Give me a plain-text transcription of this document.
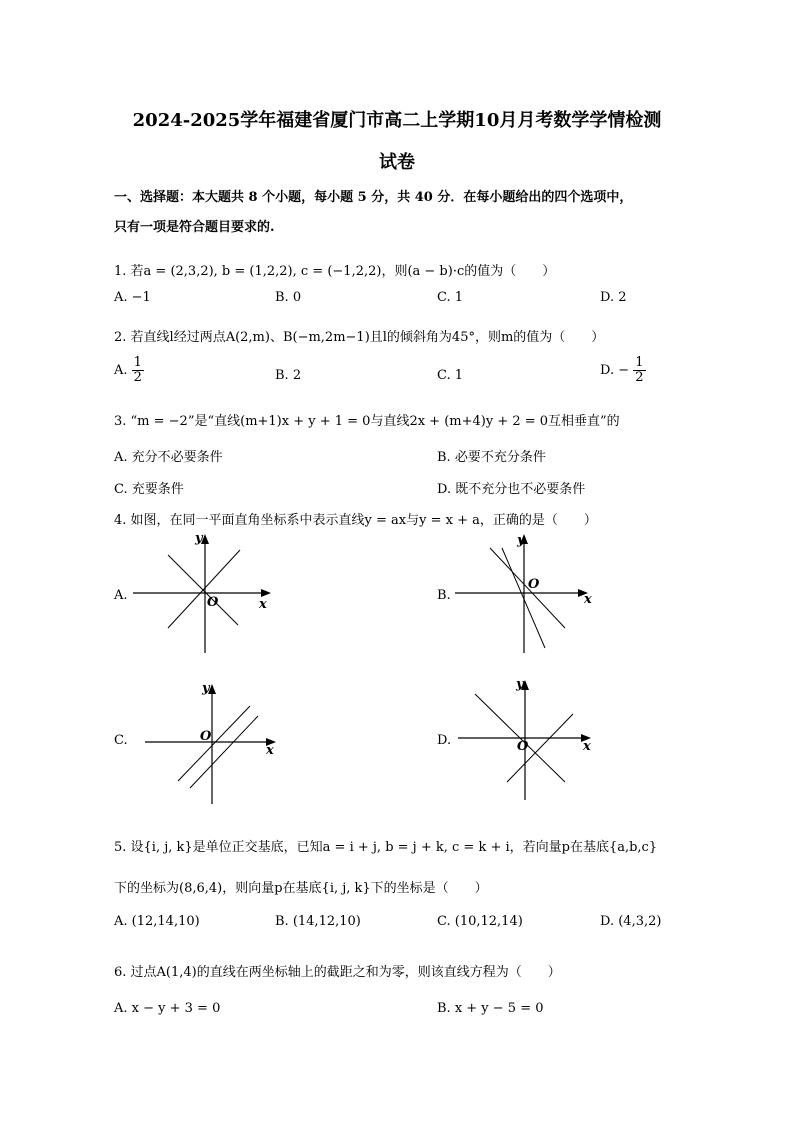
2024-2025学年福建省厦门市高二上学期10月月考数学学情检测
试卷
一、选择题：本大题共 8 个小题，每小题 5 分，共 40 分．在每小题给出的四个选项中，
只有一项是符合题目要求的.
1. 若a = (2,3,2), b = (1,2,2), c = (−1,2,2)，则(a − b)·c的值为（　　）
A. −1	B. 0	C. 1	D. 2
2. 若直线l经过两点A(2,m)、B(−m,2m−1)且l的倾斜角为45°，则m的值为（　　）
A. $\frac{1}{2}$	B. 2	C. 1	D. − $\frac{1}{2}$
3. “m = −2”是“直线(m+1)x + y + 1 = 0与直线2x + (m+4)y + 2 = 0互相垂直”的
A. 充分不必要条件	B. 必要不充分条件
C. 充要条件	D. 既不充分也不必要条件
4. 如图，在同一平面直角坐标系中表示直线y = ax与y = x + a，正确的是（　　）
A.	O	x
y
B.
O
x
y
C.	O
x
y
D.	O	x
y
5. 设{i, j, k}是单位正交基底，已知a = i + j, b = j + k, c = k + i，若向量p在基底{a,b,c}
下的坐标为(8,6,4)，则向量p在基底{i, j, k}下的坐标是（　　）
A. (12,14,10)	B. (14,12,10)	C. (10,12,14)	D. (4,3,2)
6. 过点A(1,4)的直线在两坐标轴上的截距之和为零，则该直线方程为（　　）
A. x − y + 3 = 0	B. x + y − 5 = 0
